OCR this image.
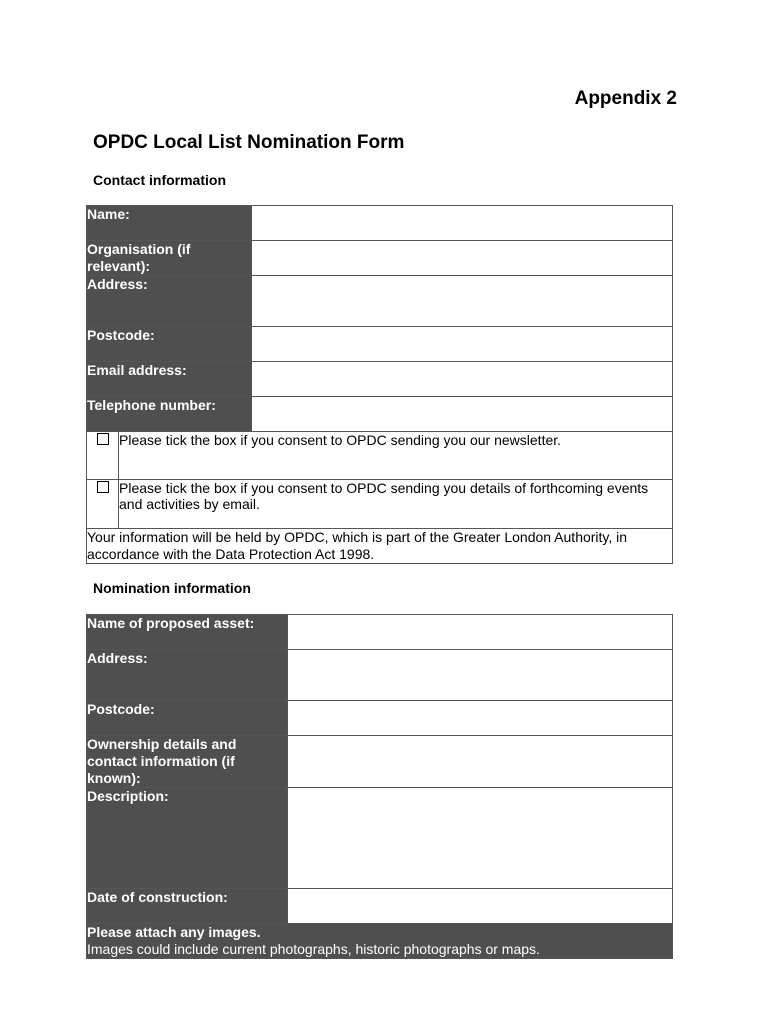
Appendix 2
OPDC Local List Nomination Form
Contact information
Name:		
Organisation (if relevant):		
Address:		
Postcode:		
Email address:		
Telephone number:		
	Please tick the box if you consent to OPDC sending you our newsletter.	
	Please tick the box if you consent to OPDC sending you details of forthcoming events and activities by email.	
Your information will be held by OPDC, which is part of the Greater London Authority, in accordance with the Data Protection Act 1998.		
Nomination information
Name of proposed asset:	
Address:	
Postcode:	
Ownership details and contact information (if known):	
Description:	
Date of construction:	

Please attach any images.
Images could include current photographs, historic photographs or maps.	
